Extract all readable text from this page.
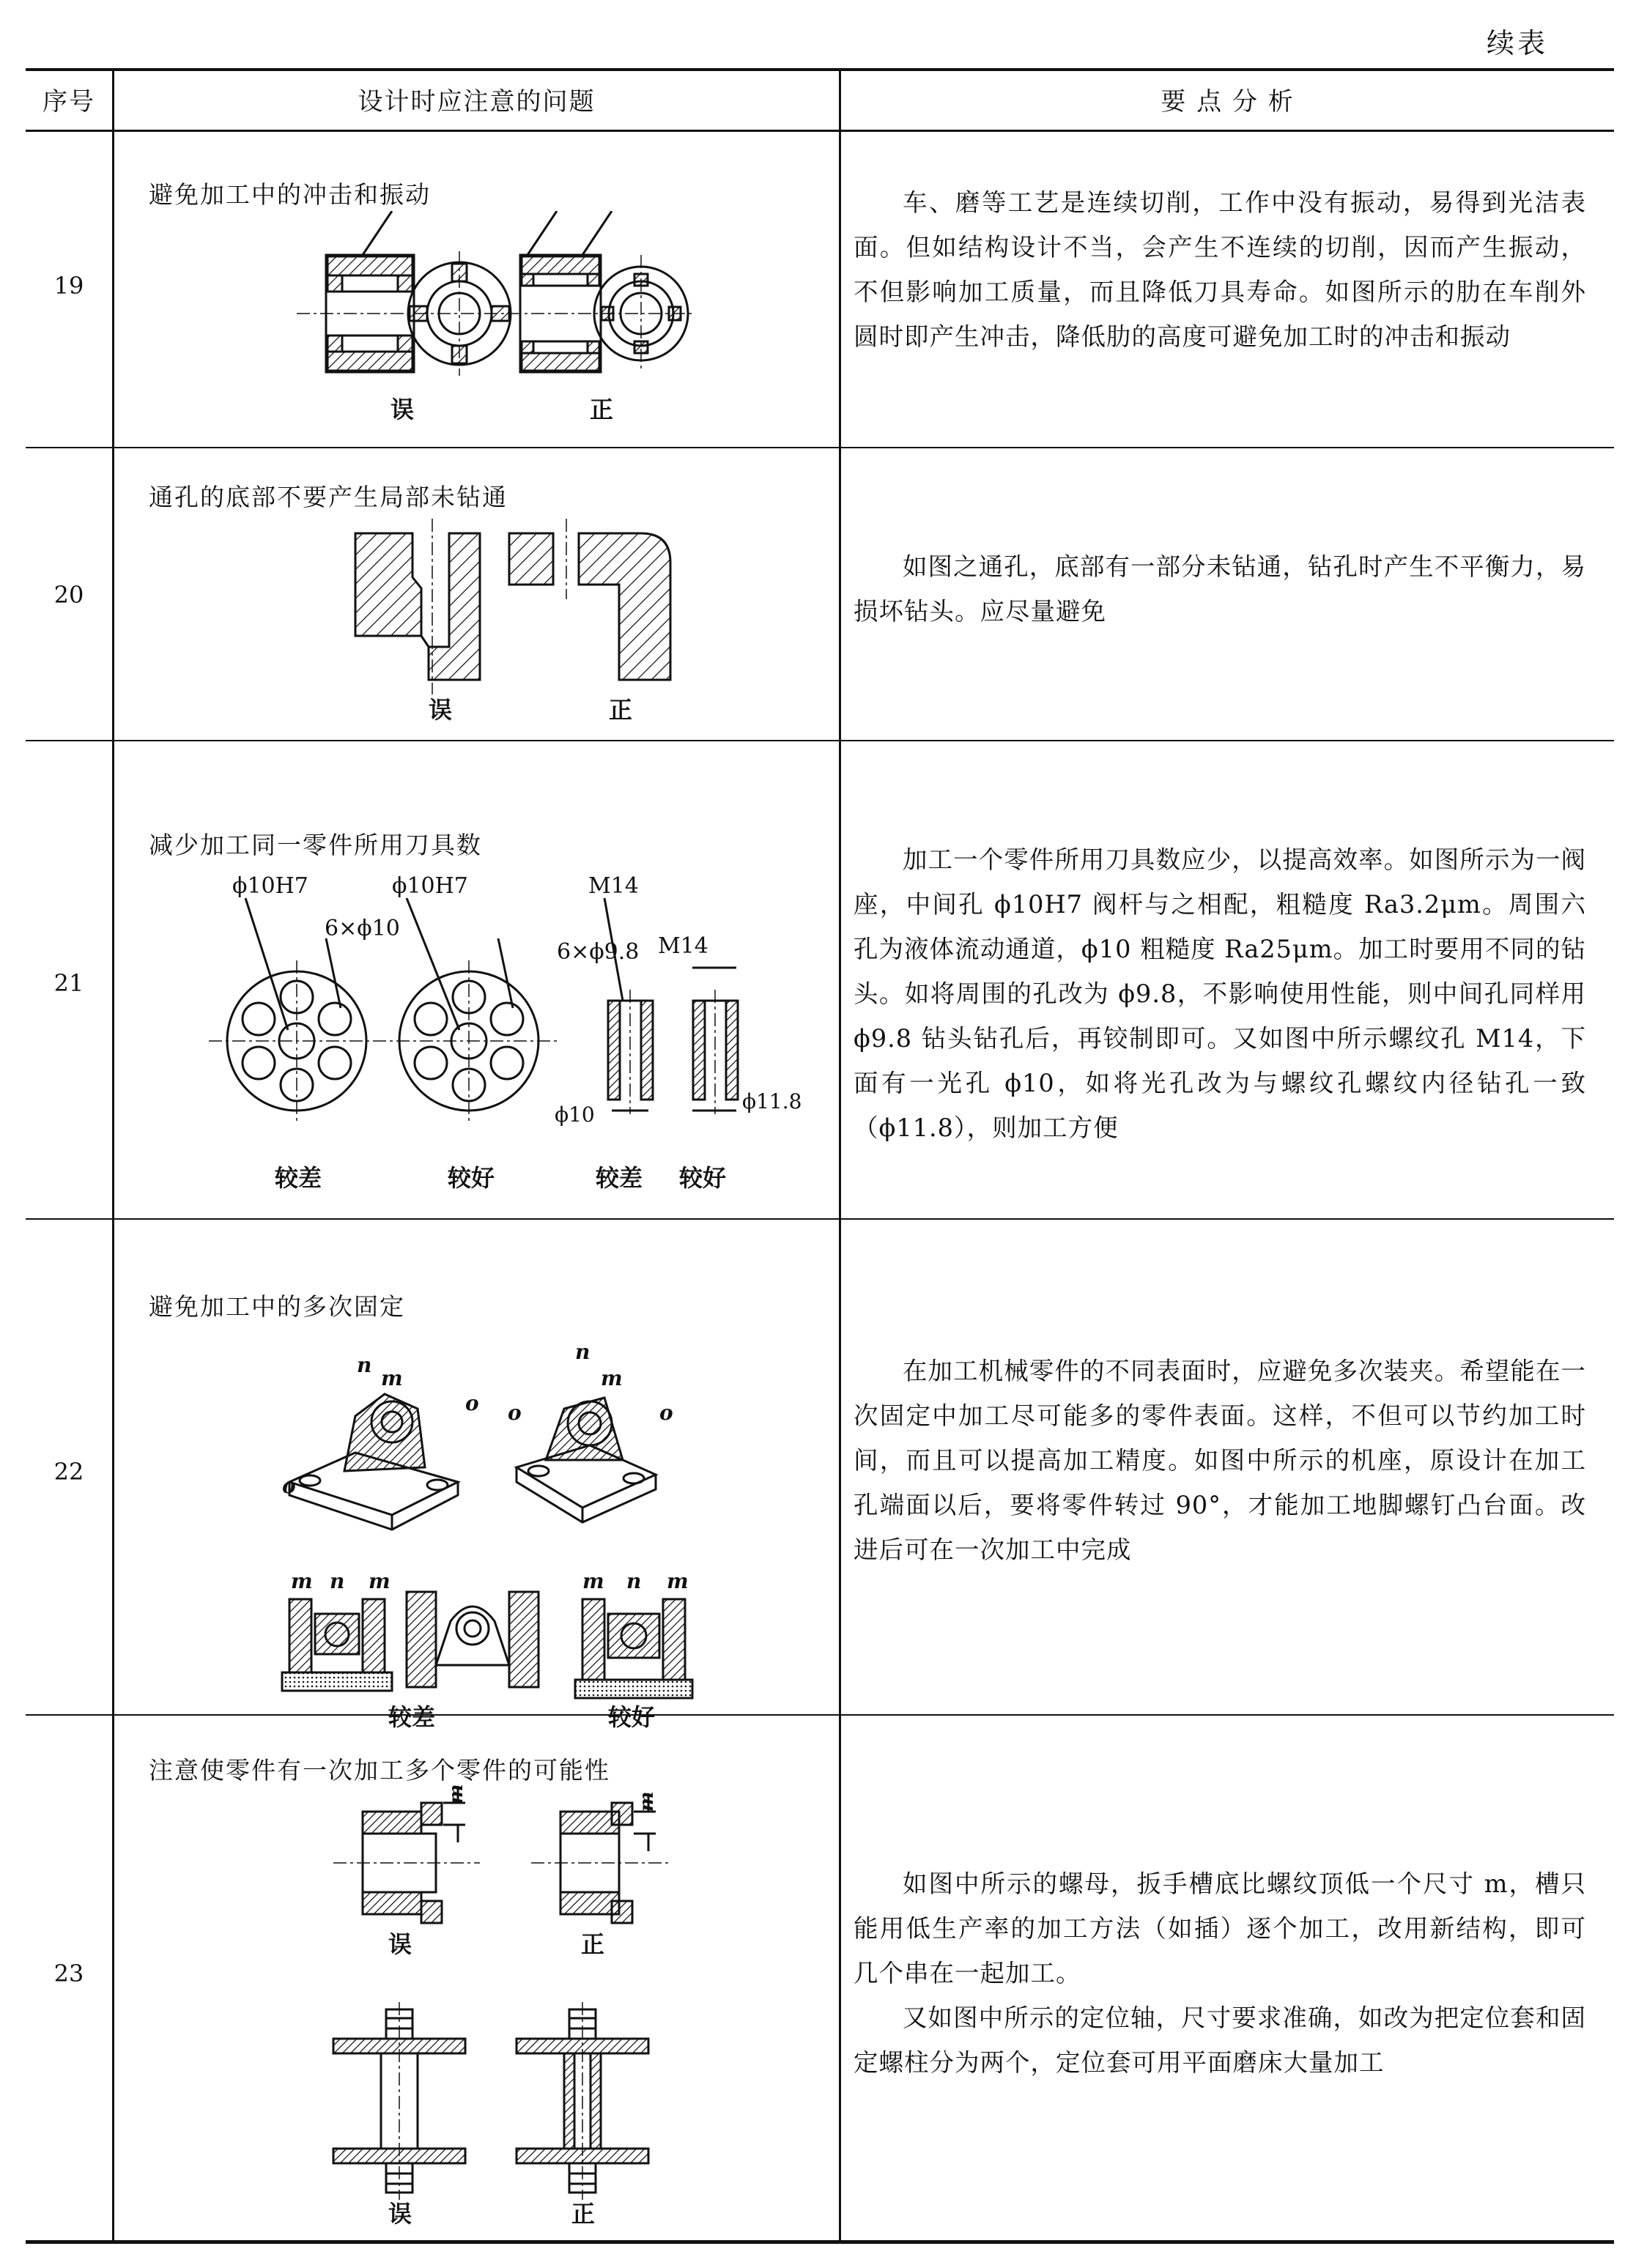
续表
序号	设计时应注意的问题	要 点 分 析
19
避免加工中的冲击和振动
误	正

车、磨等工艺是连续切削，工作中没有振动，易得到光洁表面。但如结构设计不当，会产生不连续的切削，因而产生振动，不但影响加工质量，而且降低刀具寿命。如图所示的肋在车削外圆时即产生冲击，降低肋的高度可避免加工时的冲击和振动

20
通孔的底部不要产生局部未钻通
误	正

如图之通孔，底部有一部分未钻通，钻孔时产生不平衡力，易损坏钻头。应尽量避免

21
减少加工同一零件所用刀具数
ϕ10H7	ϕ10H7	M14
6×ϕ10
6×ϕ9.8 M14
ϕ10
ϕ11.8
较差	较好	较差 较好

加工一个零件所用刀具数应少，以提高效率。如图所示为一阀座，中间孔 ϕ10H7 阀杆与之相配，粗糙度 Ra3.2μm。周围六孔为液体流动通道，ϕ10 粗糙度 Ra25μm。加工时要用不同的钻头。如将周围的孔改为 ϕ9.8，不影响使用性能，则中间孔同样用 ϕ9.8 钻头钻孔后，再铰制即可。又如图中所示螺纹孔 M14，下面有一光孔 ϕ10，如将光孔改为与螺纹孔螺纹内径钻孔一致（ϕ11.8），则加工方便

22
避免加工中的多次固定
n
m
o
o
n
m
o	o
m n m	m n m
较差	较好

在加工机械零件的不同表面时，应避免多次装夹。希望能在一次固定中加工尽可能多的零件表面。这样，不但可以节约加工时间，而且可以提高加工精度。如图中所示的机座，原设计在加工孔端面以后，要将零件转过 90°，才能加工地脚螺钉凸台面。改进后可在一次加工中完成

23
注意使零件有一次加工多个零件的可能性
m	m
误	正
误	正

如图中所示的螺母，扳手槽底比螺纹顶低一个尺寸 m，槽只能用低生产率的加工方法（如插）逐个加工，改用新结构，即可几个串在一起加工。

又如图中所示的定位轴，尺寸要求准确，如改为把定位套和固定螺柱分为两个，定位套可用平面磨床大量加工
